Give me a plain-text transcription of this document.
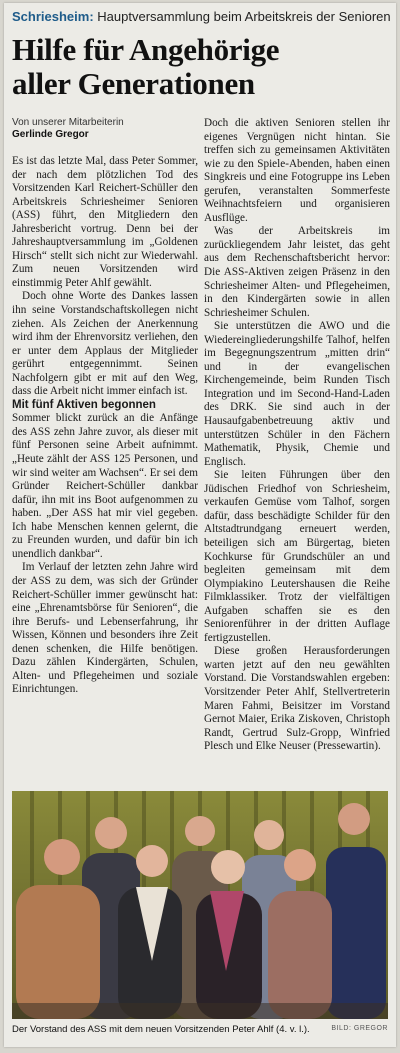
Schriesheim: Hauptversammlung beim Arbeitskreis der Senioren
Hilfe für Angehörige
aller Generationen
Von unserer Mitarbeiterin
Gerlinde Gregor

Es ist das letzte Mal, dass Peter Sommer, der nach dem plötzlichen Tod des Vorsitzenden Karl Reichert-Schüller den Arbeitskreis Schriesheimer Senioren (ASS) führt, den Mitgliedern den Jahresbericht vortrug. Denn bei der Jahreshauptversammlung im „Goldenen Hirsch“ stellt sich nicht zur Wiederwahl. Zum neuen Vorsitzenden wird einstimmig Peter Ahlf gewählt.

Doch ohne Worte des Dankes lassen ihn seine Vorstandschaftskollegen nicht ziehen. Als Zeichen der Anerkennung wird ihm der Ehrenvorsitz verliehen, den er unter dem Applaus der Mitglieder gerührt entgegennimmt. Seinen Nachfolgern gibt er mit auf den Weg, dass die Arbeit nicht immer einfach ist.

Mit fünf Aktiven begonnen

Sommer blickt zurück an die Anfänge des ASS zehn Jahre zuvor, als dieser mit fünf Personen seine Arbeit aufnimmt. „Heute zählt der ASS 125 Personen, und wir sind weiter am Wachsen“. Er sei dem Gründer Reichert-Schüller dankbar dafür, ihn mit ins Boot aufgenommen zu haben. „Der ASS hat mir viel gegeben. Ich habe Menschen kennen gelernt, die zu Freunden wurden, und dafür bin ich unendlich dankbar“.

Im Verlauf der letzten zehn Jahre wird der ASS zu dem, was sich der Gründer Reichert-Schüller immer gewünscht hat: eine „Ehrenamtsbörse für Senioren“, die ihre Berufs- und Lebenserfahrung, ihr Wissen, Können und besonders ihre Zeit denen schenken, die Hilfe benötigen. Dazu zählen Kindergärten, Schulen, Alten- und Pflegeheimen und soziale Einrichtungen.

Doch die aktiven Senioren stellen ihr eigenes Vergnügen nicht hintan. Sie treffen sich zu gemeinsamen Aktivitäten wie zu den Spiele-Abenden, haben einen Singkreis und eine Fotogruppe ins Leben gerufen, veranstalten Sommerfeste Weihnachtsfeiern und organisieren Ausflüge.

Was der Arbeitskreis im zurückliegendem Jahr leistet, das geht aus dem Rechenschaftsbericht hervor: Die ASS-Aktiven zeigen Präsenz in den Schriesheimer Alten- und Pflegeheimen, in den Kindergärten sowie in allen Schriesheimer Schulen.

Sie unterstützen die AWO und die Wiedereingliederungshilfe Talhof, helfen im Begegnungszentrum „mitten drin“ und in der evangelischen Kirchengemeinde, beim Runden Tisch Integration und im Second-Hand-Laden des DRK. Sie sind auch in der Hausaufgabenbetreuung aktiv und unterstützen Schüler in den Fächern Mathematik, Physik, Chemie und Englisch.

Sie leiten Führungen über den Jüdischen Friedhof von Schriesheim, verkaufen Gemüse vom Talhof, sorgen dafür, dass beschädigte Schilder für den Altstadtrundgang erneuert werden, beteiligen sich am Bürgertag, bieten Kochkurse für Grundschüler an und begleiten gemeinsam mit dem Olympiakino Leutershausen die Reihe Filmklassiker. Trotz der vielfältigen Aufgaben schaffen sie es den Seniorenführer in der dritten Auflage fertigzustellen.

Diese großen Herausforderungen warten jetzt auf den neu gewählten Vorstand. Die Vorstandswahlen ergeben: Vorsitzender Peter Ahlf, Stellvertreterin Maren Fahmi, Beisitzer im Vorstand Gernot Maier, Erika Ziskoven, Christoph Randt, Gertrud Sulz-Gropp, Winfried Plesch und Elke Neuser (Pressewartin).

Der Vorstand des ASS mit dem neuen Vorsitzenden Peter Ahlf (4. v. l.).	BILD: GREGOR
